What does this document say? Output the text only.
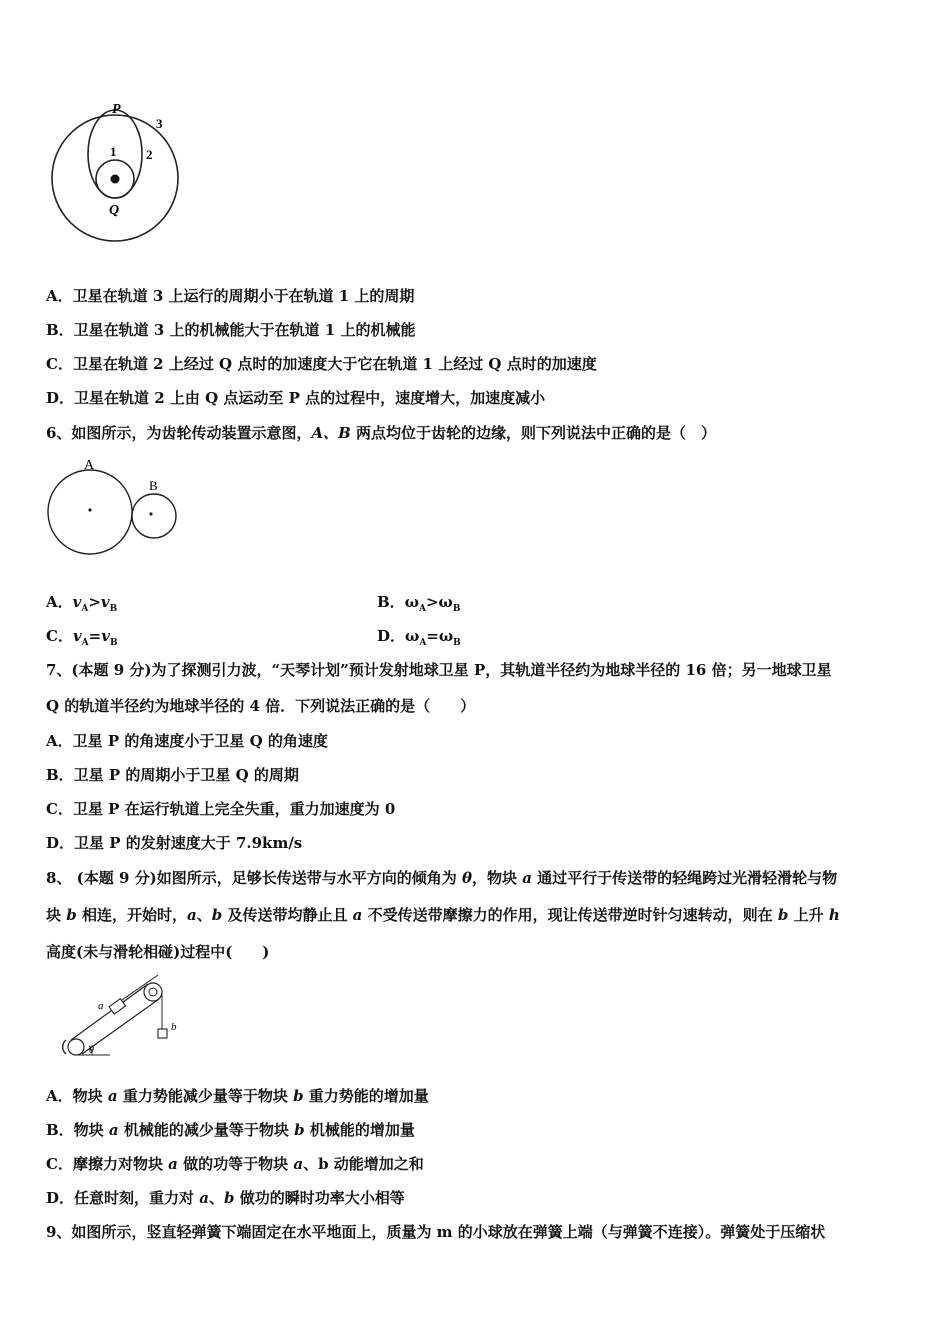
P
Q
1 2
3
A．卫星在轨道 3 上运行的周期小于在轨道 1 上的周期
B．卫星在轨道 3 上的机械能大于在轨道 1 上的机械能
C．卫星在轨道 2 上经过 Q 点时的加速度大于它在轨道 1 上经过 Q 点时的加速度
D．卫星在轨道 2 上由 Q 点运动至 P 点的过程中，速度增大，加速度减小
6、如图所示，为齿轮传动装置示意图，A、B 两点均位于齿轮的边缘，则下列说法中正确的是（　）
A
B
A．$v_A>v_B$	B．$\omega_A>\omega_B$
C．$v_A=v_B$	D．$\omega_A=\omega_B$
7、(本题 9 分)为了探测引力波，“天琴计划”预计发射地球卫星 P，其轨道半径约为地球半径的 16 倍；另一地球卫星
Q 的轨道半径约为地球半径的 4 倍．下列说法正确的是（　　）
A．卫星 P 的角速度小于卫星 Q 的角速度
B．卫星 P 的周期小于卫星 Q 的周期
C．卫星 P 在运行轨道上完全失重，重力加速度为 0
D．卫星 P 的发射速度大于 7.9km/s
8、 (本题 9 分)如图所示，足够长传送带与水平方向的倾角为 θ，物块 a 通过平行于传送带的轻绳跨过光滑轻滑轮与物
块 b 相连，开始时，a、b 及传送带均静止且 a 不受传送带摩擦力的作用，现让传送带逆时针匀速转动，则在 b 上升 h
高度(未与滑轮相碰)过程中(　　)
a
b
θ
A．物块 a 重力势能减少量等于物块 b 重力势能的增加量
B．物块 a 机械能的减少量等于物块 b 机械能的增加量
C．摩擦力对物块 a 做的功等于物块 a、b 动能增加之和
D．任意时刻，重力对 a、b 做功的瞬时功率大小相等
9、如图所示，竖直轻弹簧下端固定在水平地面上，质量为 m 的小球放在弹簧上端（与弹簧不连接）。弹簧处于压缩状
